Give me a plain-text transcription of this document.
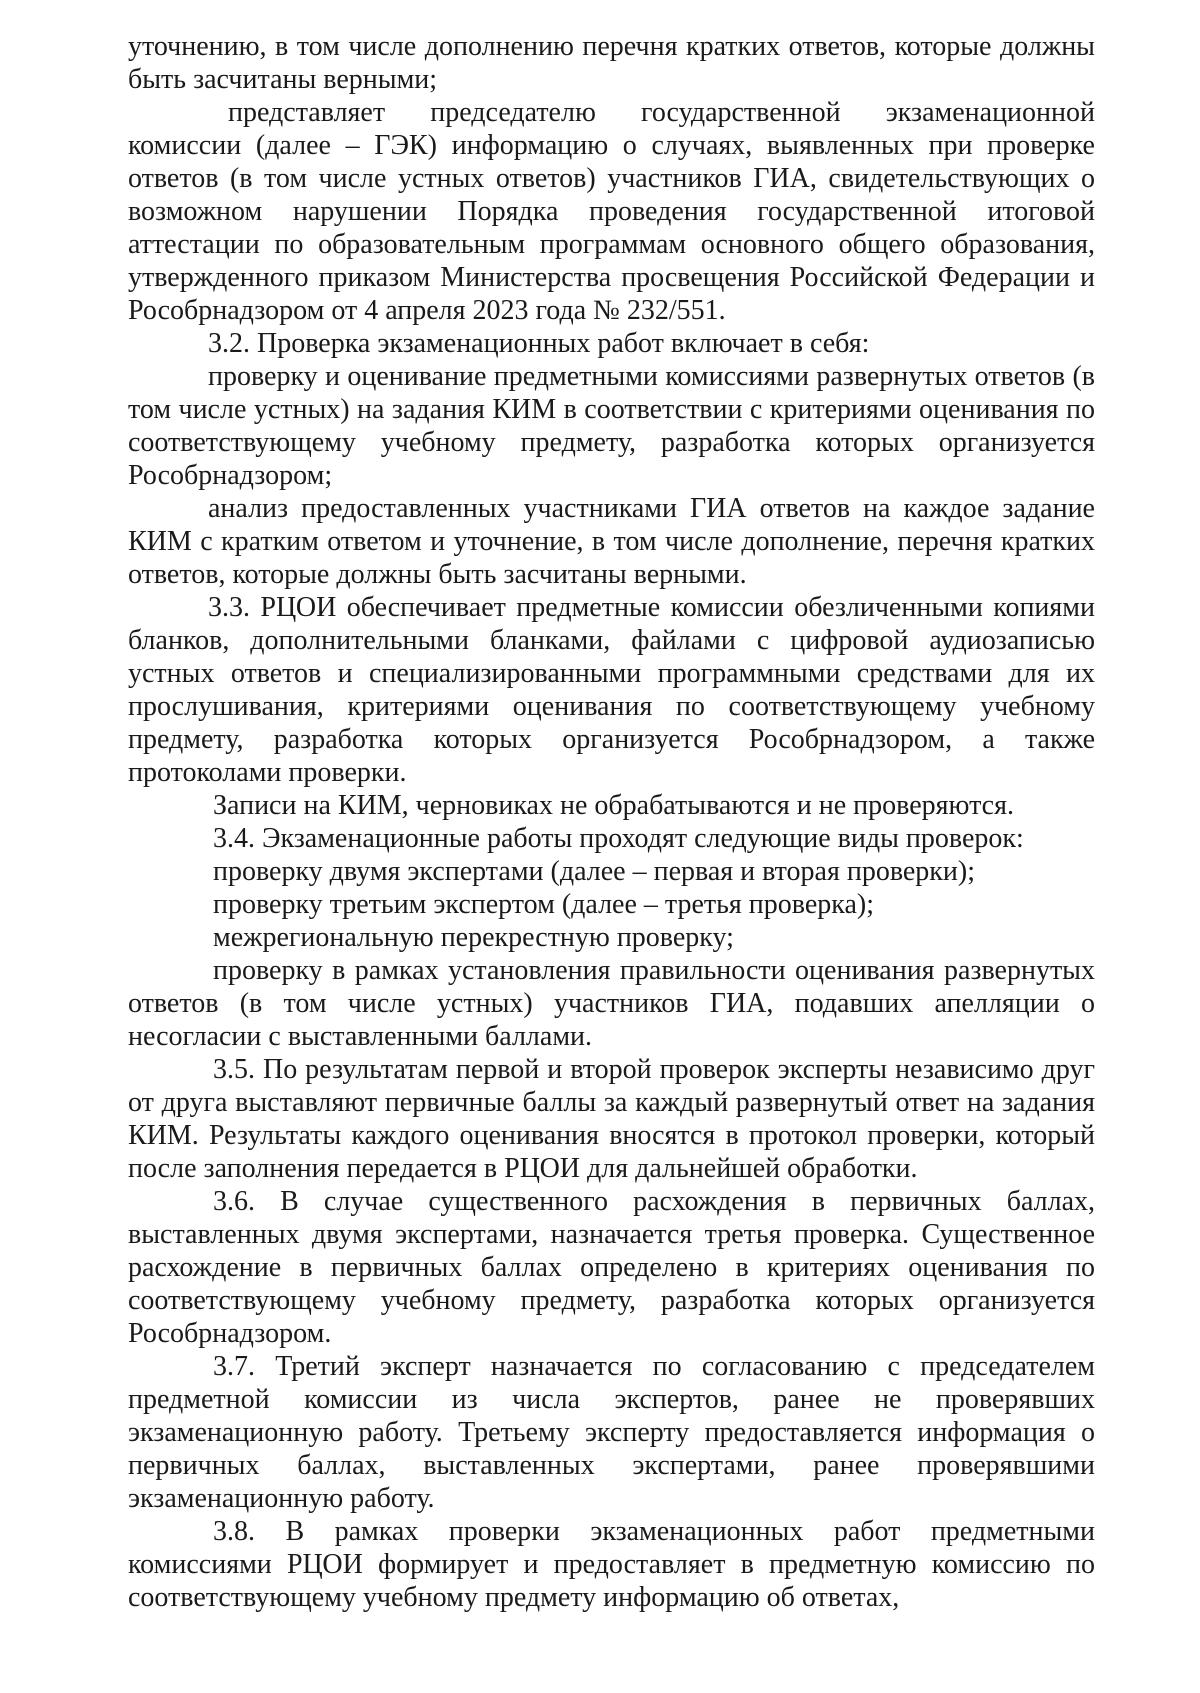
уточнению, в том числе дополнению перечня кратких ответов, которые должны быть засчитаны верными;

представляет председателю государственной экзаменационной комиссии (далее – ГЭК) информацию о случаях, выявленных при проверке ответов (в том числе устных ответов) участников ГИА, свидетельствующих о возможном нарушении Порядка проведения государственной итоговой аттестации по образовательным программам основного общего образования, утвержденного приказом Министерства просвещения Российской Федерации и Рособрнадзором от 4 апреля 2023 года № 232/551.

3.2. Проверка экзаменационных работ включает в себя:

проверку и оценивание предметными комиссиями развернутых ответов (в том числе устных) на задания КИМ в соответствии с критериями оценивания по соответствующему учебному предмету, разработка которых организуется Рособрнадзором;

анализ предоставленных участниками ГИА ответов на каждое задание КИМ с кратким ответом и уточнение, в том числе дополнение, перечня кратких ответов, которые должны быть засчитаны верными.

3.3. РЦОИ обеспечивает предметные комиссии обезличенными копиями бланков, дополнительными бланками, файлами с цифровой аудиозаписью устных ответов и специализированными программными средствами для их прослушивания, критериями оценивания по соответствующему учебному предмету, разработка которых организуется Рособрнадзором, а также протоколами проверки.

Записи на КИМ, черновиках не обрабатываются и не проверяются.

3.4. Экзаменационные работы проходят следующие виды проверок:

проверку двумя экспертами (далее – первая и вторая проверки);

проверку третьим экспертом (далее – третья проверка);

межрегиональную перекрестную проверку;

проверку в рамках установления правильности оценивания развернутых ответов (в том числе устных) участников ГИА, подавших апелляции о несогласии с выставленными баллами.

3.5. По результатам первой и второй проверок эксперты независимо друг от друга выставляют первичные баллы за каждый развернутый ответ на задания КИМ. Результаты каждого оценивания вносятся в протокол проверки, который после заполнения передается в РЦОИ для дальнейшей обработки.

3.6. В случае существенного расхождения в первичных баллах, выставленных двумя экспертами, назначается третья проверка. Существенное расхождение в первичных баллах определено в критериях оценивания по соответствующему учебному предмету, разработка которых организуется Рособрнадзором.

3.7. Третий эксперт назначается по согласованию с председателем предметной комиссии из числа экспертов, ранее не проверявших экзаменационную работу. Третьему эксперту предоставляется информация о первичных баллах, выставленных экспертами, ранее проверявшими экзаменационную работу.

3.8. В рамках проверки экзаменационных работ предметными комиссиями РЦОИ формирует и предоставляет в предметную комиссию по соответствующему учебному предмету информацию об ответах,
